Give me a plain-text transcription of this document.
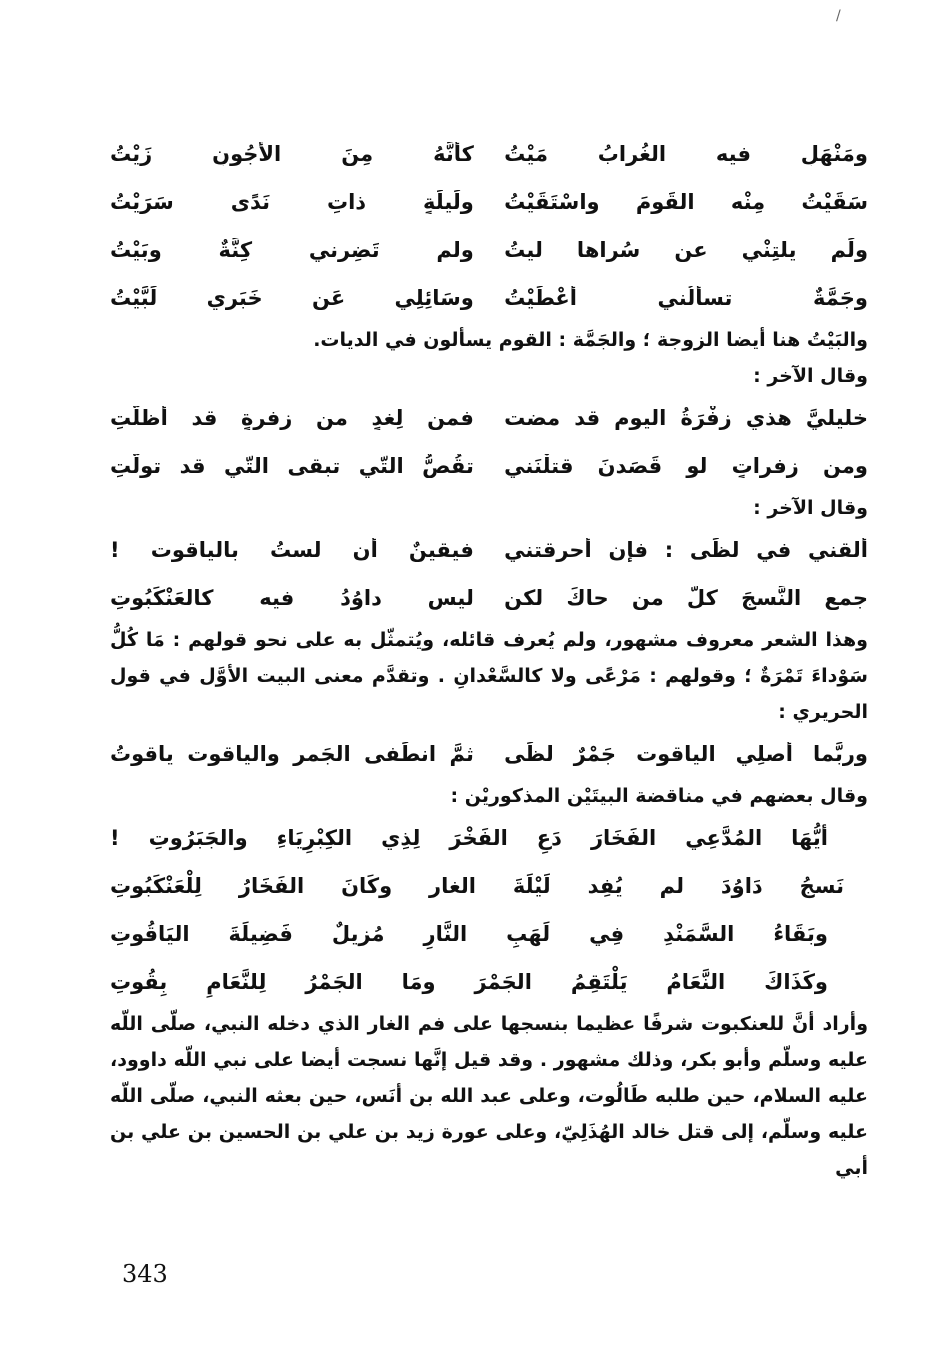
/
ومَنْهَلٍ فيه الغُرابُ مَيْتُ
كأنَّهُ مِنَ الأجُونِ زَيْتُ
سَقَيْتُ مِنْه القَومَ واسْتَقَيْتُ
ولَيلَةٍ ذاتِ نَدًى سَرَيْتُ
ولَم يلتِنْي عن سُراها ليتُ
ولم تَضِرني كِنَّةٌ وبَيْتُ
وجَمَّةٌ تسألُني أعْطَيْتُ
وسَائِلِي عَن خَبَرِي لَبَّيْتُ

والبَيْتُ هنا أيضا الزوجة ؛ والجَمَّة : القوم يسألون في الديات.

وقال الآخر :

خليليَّ هذي زفْرَةُ اليوم قد مضت
فمن لِغدٍ من زفرةٍ قد أظلَّتِ
ومن زفراتٍ لو قَصَدنَ قتلْنَني
تقُصُّ التّي تبقى التّي قد تولّتِ

وقال الآخر :

ألقني في لظًى : فإن أحرقتني
فيقينٌ أن لستُ بالياقوت !
جمع النَّسجَ كلُّ من حاكَ لكن
ليس داوُدُ فيه كالعَنْكَبُوتِ

وهذا الشعر معروف مشهور، ولم يُعرف قائله، ويُتمثّل به على نحو قولهم : مَا كُلُّ سَوْداءَ تَمْرَةٌ ؛ وقولهم : مَرْعًى ولا كالسَّعْدانِ . وتقدَّم معنى البيت الأوَّل في قول الحريري :

وربَّما أُصلِي الياقوت جَمْرٌ لظًى
ثمَّ انطَفى الجَمر والياقوت ياقوتُ

وقال بعضهم في مناقضة البيتَيْن المذكوريْن :

أيُّهَا المُدَّعِي الفَخَارَ دَعِ الفَخْرَ لِذِي الكِبْرِيَاءِ والجَبَرُوتِ !
نَسجُ دَاوُدَ لم يُفِد لَيْلَةَ الغار وكَانَ الفَخَارُ لِلْعَنْكَبُوتِ
وبَقَاءُ السَّمَنْدِ فِي لَهَبِ النَّارِ مُزيلٌ فَضِيلَةَ اليَاقُوتِ
وكَذَاكَ النَّعَامُ يَلْتَقِمُ الجَمْرَ ومَا الجَمْرُ لِلنَّعَامِ بِقُوتِ

وأراد أنَّ للعنكبوت شرفًا عظيما بنسجها على فم الغار الذي دخله النبي، صلّى اللّه عليه وسلّم وأبو بكر، وذلك مشهور . وقد قيل إنَّها نسجت أيضا على نبي اللّه داوود، عليه السلام، حين طلبه طَالُوت، وعلى عبد الله بن أنَس، حين بعثه النبي، صلّى اللّه عليه وسلّم، إلى قتل خالد الهُذَلِيّ، وعلى عورة زيد بن علي بن الحسين بن علي بن أبي

343
